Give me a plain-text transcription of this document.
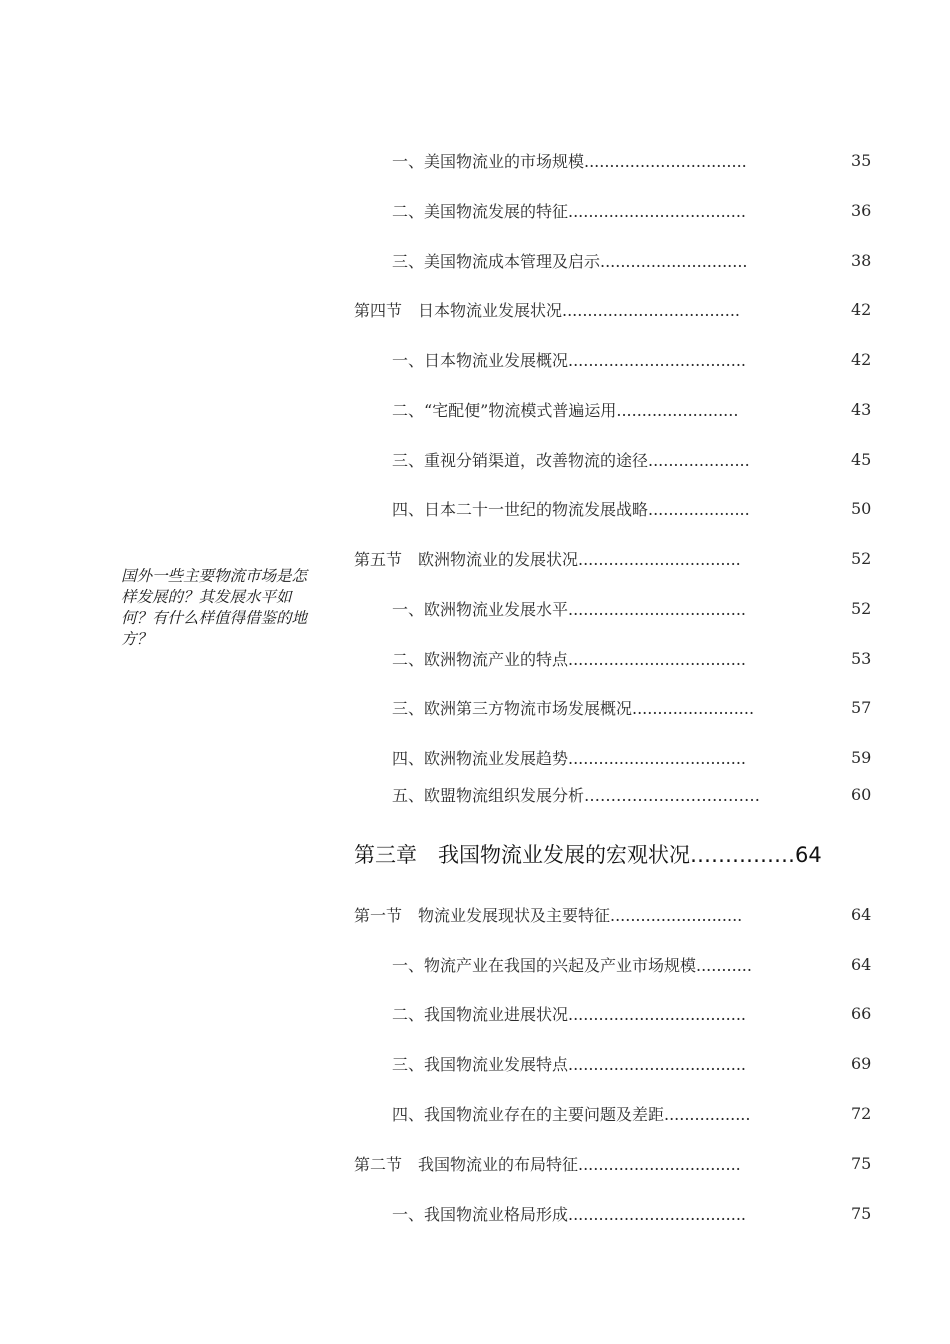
国外一些主要物流市场是怎样发展的？其发展水平如何？有什么样值得借鉴的地方？
一、美国物流业的市场规模................................	35
二、美国物流发展的特征...................................	36
三、美国物流成本管理及启示.............................	38
第四节　日本物流业发展状况...................................	42
一、日本物流业发展概况...................................	42
二、“宅配便”物流模式普遍运用........................	43
三、重视分销渠道，改善物流的途径....................	45
四、日本二十一世纪的物流发展战略....................	50
第五节　欧洲物流业的发展状况................................	52
一、欧洲物流业发展水平...................................	52
二、欧洲物流产业的特点...................................	53
三、欧洲第三方物流市场发展概况........................	57
四、欧洲物流业发展趋势...................................	59
五、欧盟物流组织发展分析……………………………	60
第三章　我国物流业发展的宏观状况……………64
第一节　物流业发展现状及主要特征..........................	64
一、物流产业在我国的兴起及产业市场规模...........	64
二、我国物流业进展状况...................................	66
三、我国物流业发展特点...................................	69
四、我国物流业存在的主要问题及差距.................	72
第二节　我国物流业的布局特征................................	75
一、我国物流业格局形成...................................	75
